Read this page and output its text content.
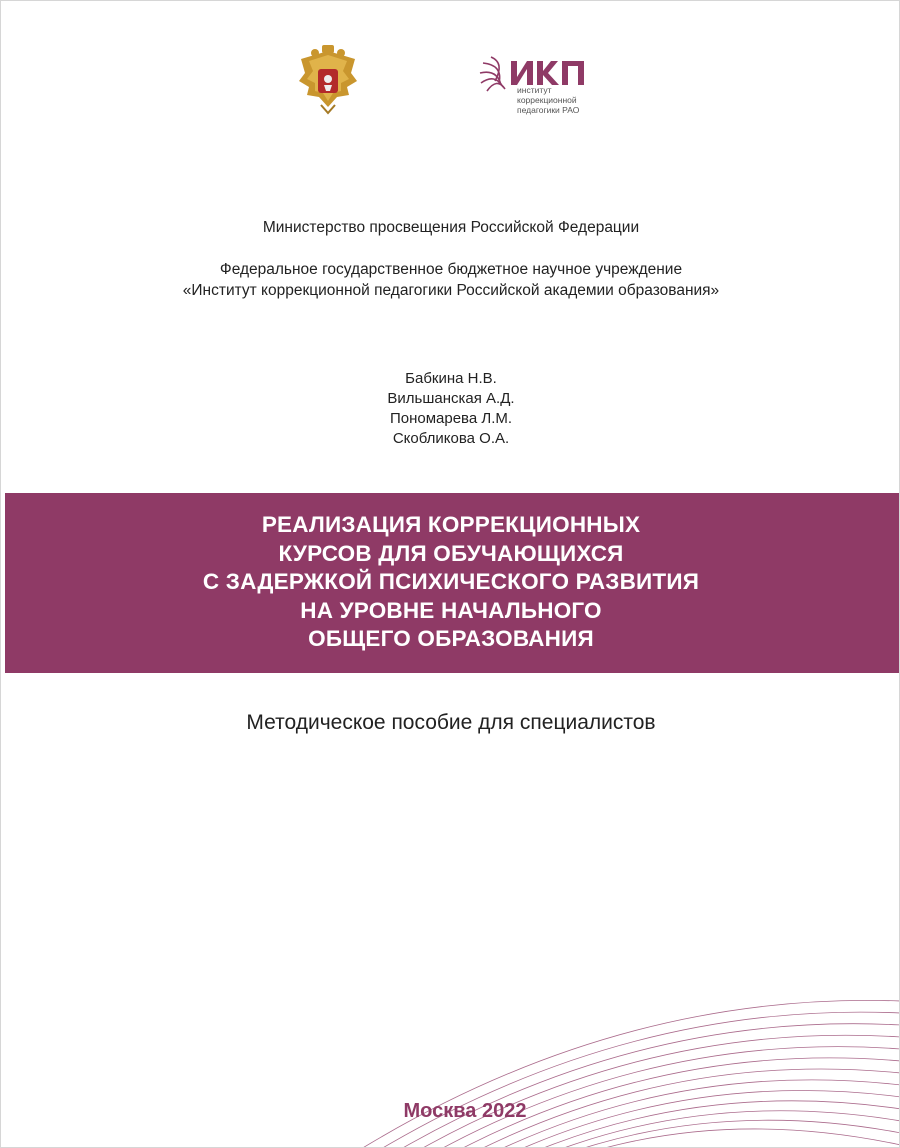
институт
коррекционной
педагогики РАО
Министерство просвещения Российской Федерации
Федеральное государственное бюджетное научное учреждение
«Институт коррекционной педагогики Российской академии образования»
Бабкина Н.В.
Вильшанская А.Д.
Пономарева Л.М.
Скобликова О.А.
РЕАЛИЗАЦИЯ КОРРЕКЦИОННЫХ
КУРСОВ ДЛЯ ОБУЧАЮЩИХСЯ
С ЗАДЕРЖКОЙ ПСИХИЧЕСКОГО РАЗВИТИЯ
НА УРОВНЕ НАЧАЛЬНОГО
ОБЩЕГО ОБРАЗОВАНИЯ
Методическое пособие для специалистов
Москва 2022
